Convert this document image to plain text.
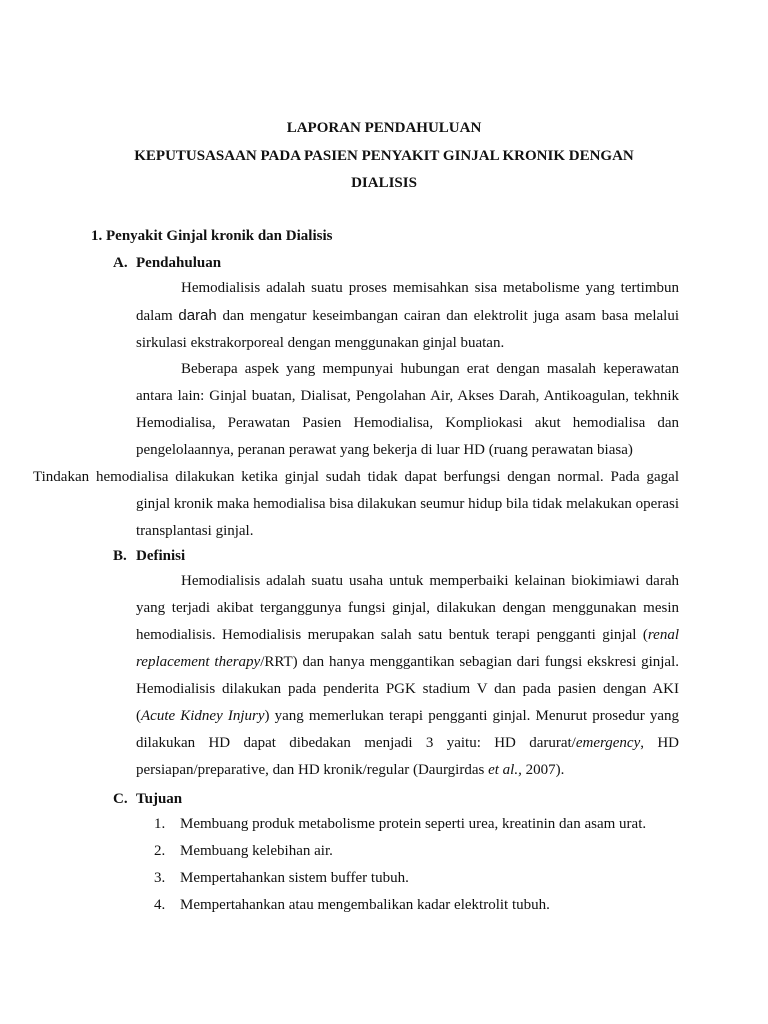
LAPORAN PENDAHULUAN

KEPUTUSASAAN PADA PASIEN PENYAKIT GINJAL KRONIK DENGAN

DIALISIS

1. Penyakit Ginjal kronik dan Dialisis

A. Pendahuluan

Hemodialisis adalah suatu proses memisahkan sisa metabolisme yang tertimbun dalam darah dan mengatur keseimbangan cairan dan elektrolit juga asam basa melalui sirkulasi ekstrakorporeal dengan menggunakan ginjal buatan.

Beberapa aspek yang mempunyai hubungan erat dengan masalah keperawatan antara lain: Ginjal buatan, Dialisat, Pengolahan Air, Akses Darah, Antikoagulan, tekhnik Hemodialisa, Perawatan Pasien Hemodialisa, Kompliokasi akut hemodialisa dan pengelolaannya, peranan perawat yang bekerja di luar HD (ruang perawatan biasa)

Tindakan hemodialisa dilakukan ketika ginjal sudah tidak dapat berfungsi dengan normal. Pada gagal ginjal kronik maka hemodialisa bisa dilakukan seumur hidup bila tidak melakukan operasi transplantasi ginjal.

B. Definisi

Hemodialisis adalah suatu usaha untuk memperbaiki kelainan biokimiawi darah yang terjadi akibat terganggunya fungsi ginjal, dilakukan dengan menggunakan mesin hemodialisis. Hemodialisis merupakan salah satu bentuk terapi pengganti ginjal (renal replacement therapy/RRT) dan hanya menggantikan sebagian dari fungsi ekskresi ginjal. Hemodialisis dilakukan pada penderita PGK stadium V dan pada pasien dengan AKI (Acute Kidney Injury) yang memerlukan terapi pengganti ginjal. Menurut prosedur yang dilakukan HD dapat dibedakan menjadi 3 yaitu: HD darurat/emergency, HD persiapan/preparative, dan HD kronik/regular (Daurgirdas et al., 2007).

C. Tujuan

1. Membuang produk metabolisme protein seperti urea, kreatinin dan asam urat.
2. Membuang kelebihan air.
3. Mempertahankan sistem buffer tubuh.
4. Mempertahankan atau mengembalikan kadar elektrolit tubuh.
